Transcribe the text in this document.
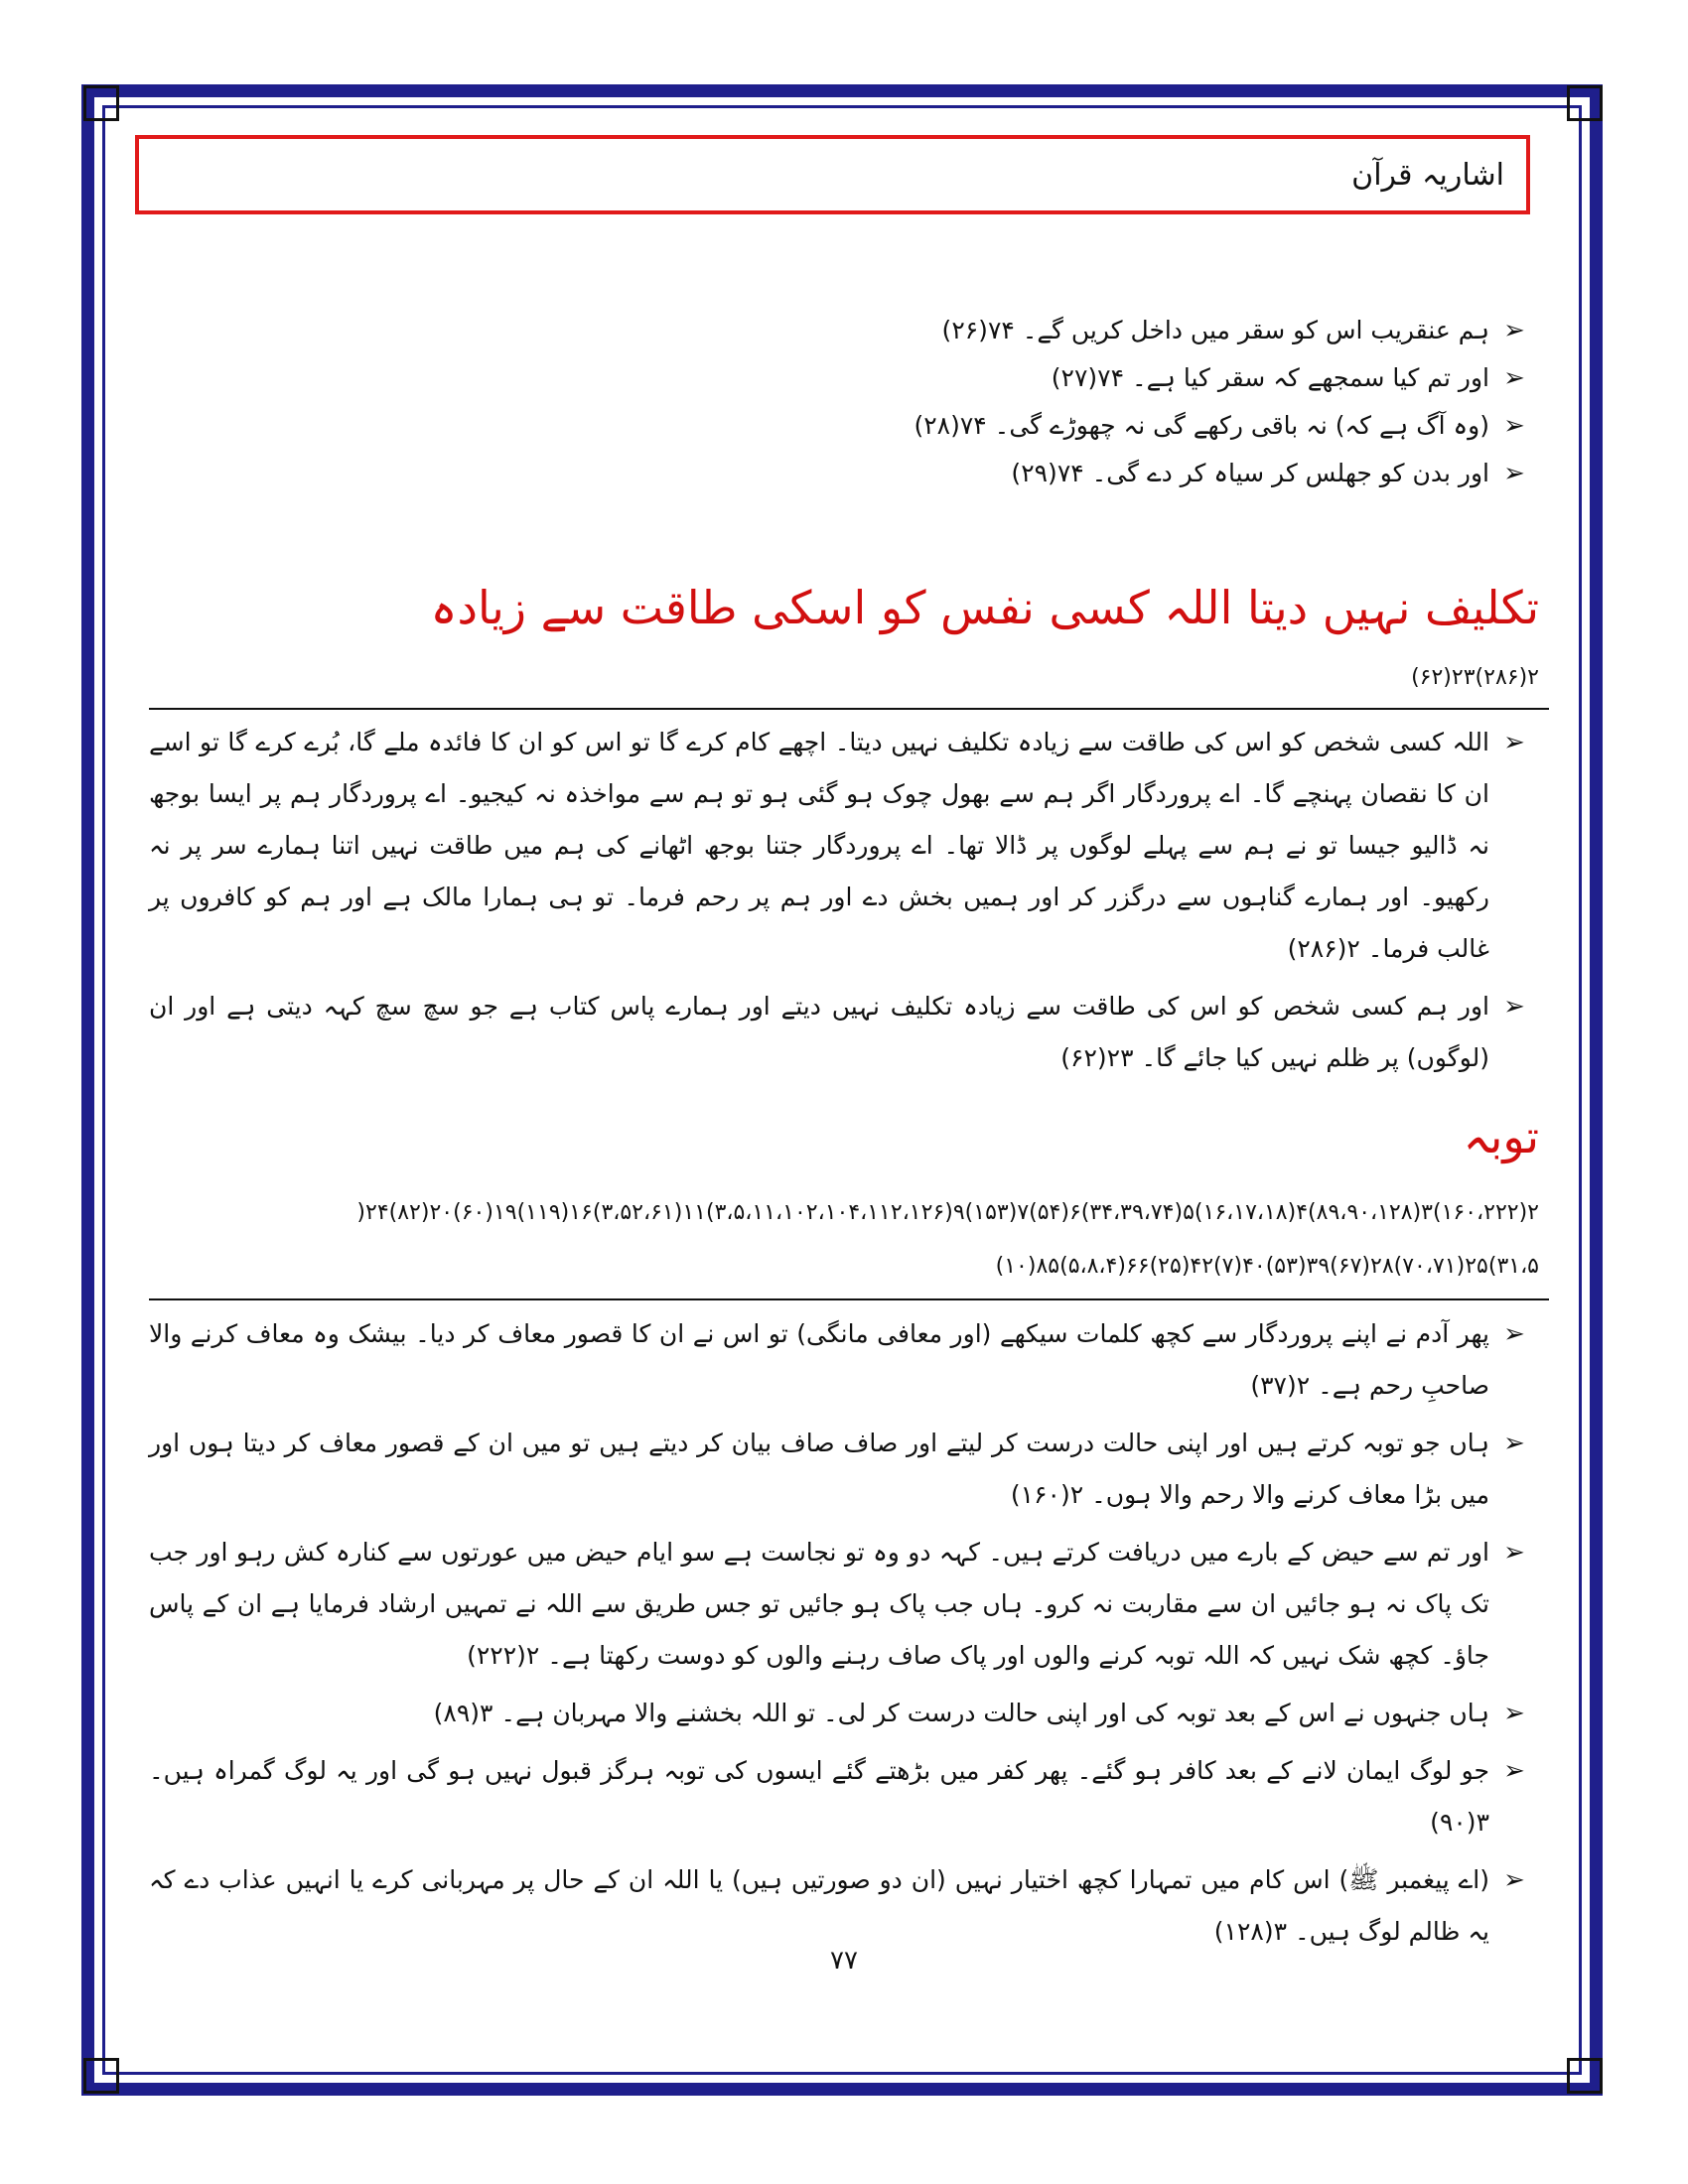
اشاریہ قرآن
➢
ہم عنقریب اس کو سقر میں داخل کریں گے۔ ۷۴(۲۶)
➢
اور تم کیا سمجھے کہ سقر کیا ہے۔ ۷۴(۲۷)
➢
(وہ آگ ہے کہ) نہ باقی رکھے گی نہ چھوڑے گی۔ ۷۴(۲۸)
➢
اور بدن کو جھلس کر سیاہ کر دے گی۔ ۷۴(۲۹)
تکلیف نہیں دیتا اللہ کسی نفس کو اسکی طاقت سے زیادہ
۲(۲۸۶)۲۳(۶۲)
➢
اللہ کسی شخص کو اس کی طاقت سے زیادہ تکلیف نہیں دیتا۔ اچھے کام کرے گا تو اس کو ان کا فائدہ ملے گا، بُرے کرے گا تو اسے ان کا نقصان پہنچے گا۔ اے پروردگار اگر ہم سے بھول چوک ہو گئی ہو تو ہم سے مواخذہ نہ کیجیو۔ اے پروردگار ہم پر ایسا بوجھ نہ ڈالیو جیسا تو نے ہم سے پہلے لوگوں پر ڈالا تھا۔ اے پروردگار جتنا بوجھ اٹھانے کی ہم میں طاقت نہیں اتنا ہمارے سر پر نہ رکھیو۔ اور ہمارے گناہوں سے درگزر کر اور ہمیں بخش دے اور ہم پر رحم فرما۔ تو ہی ہمارا مالک ہے اور ہم کو کافروں پر غالب فرما۔ ۲(۲۸۶)
➢
اور ہم کسی شخص کو اس کی طاقت سے زیادہ تکلیف نہیں دیتے اور ہمارے پاس کتاب ہے جو سچ سچ کہہ دیتی ہے اور ان (لوگوں) پر ظلم نہیں کیا جائے گا۔ ۲۳(۶۲)
توبہ
۲(۱۶۰،۲۲۲)۳(۸۹،۹۰،۱۲۸)۴(۱۶،۱۷،۱۸)۵(۳۴،۳۹،۷۴)۶(۵۴)۷(۱۵۳)۹(۳،۵،۱۱،۱۰۲،۱۰۴،۱۱۲،۱۲۶)۱۱(۳،۵۲،۶۱)۱۶(۱۱۹)۱۹(۶۰)۲۰(۸۲)۲۴(
۳۱،۵)۲۵(۷۰،۷۱)۲۸(۶۷)۳۹(۵۳)۴۰(۷)۴۲(۲۵)۶۶(۵،۸،۴)۸۵(۱۰)
➢
پھر آدم نے اپنے پروردگار سے کچھ کلمات سیکھے (اور معافی مانگی) تو اس نے ان کا قصور معاف کر دیا۔ بیشک وہ معاف کرنے والا صاحبِ رحم ہے۔ ۲(۳۷)
➢
ہاں جو توبہ کرتے ہیں اور اپنی حالت درست کر لیتے اور صاف صاف بیان کر دیتے ہیں تو میں ان کے قصور معاف کر دیتا ہوں اور میں بڑا معاف کرنے والا رحم والا ہوں۔ ۲(۱۶۰)
➢
اور تم سے حیض کے بارے میں دریافت کرتے ہیں۔ کہہ دو وہ تو نجاست ہے سو ایام حیض میں عورتوں سے کنارہ کش رہو اور جب تک پاک نہ ہو جائیں ان سے مقاربت نہ کرو۔ ہاں جب پاک ہو جائیں تو جس طریق سے اللہ نے تمہیں ارشاد فرمایا ہے ان کے پاس جاؤ۔ کچھ شک نہیں کہ اللہ توبہ کرنے والوں اور پاک صاف رہنے والوں کو دوست رکھتا ہے۔ ۲(۲۲۲)
➢
ہاں جنہوں نے اس کے بعد توبہ کی اور اپنی حالت درست کر لی۔ تو اللہ بخشنے والا مہربان ہے۔ ۳(۸۹)
➢
جو لوگ ایمان لانے کے بعد کافر ہو گئے۔ پھر کفر میں بڑھتے گئے ایسوں کی توبہ ہرگز قبول نہیں ہو گی اور یہ لوگ گمراہ ہیں۔ ۳(۹۰)
➢
(اے پیغمبر ﷺ) اس کام میں تمہارا کچھ اختیار نہیں (ان دو صورتیں ہیں) یا اللہ ان کے حال پر مہربانی کرے یا انہیں عذاب دے کہ یہ ظالم لوگ ہیں۔ ۳(۱۲۸)
۷۷
